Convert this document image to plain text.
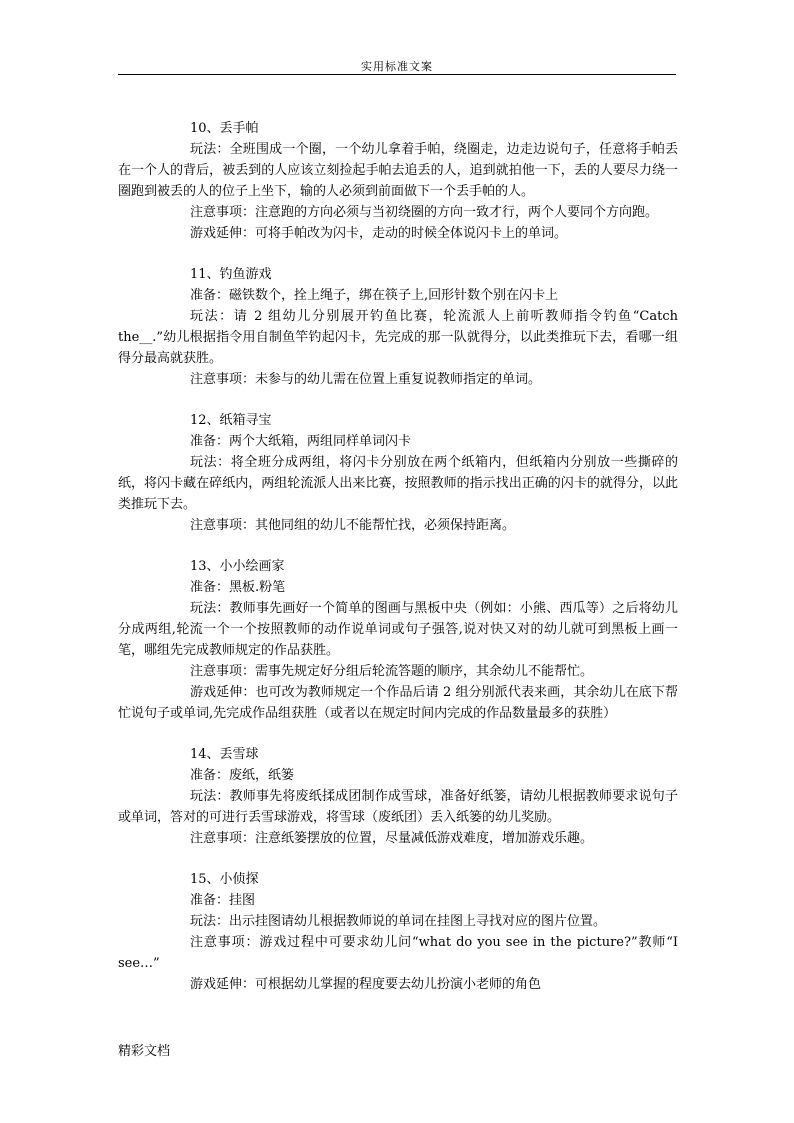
实用标准文案
10、丢手帕
玩法：全班围成一个圈，一个幼儿拿着手帕，绕圈走，边走边说句子，任意将手帕丢在一个人的背后，被丢到的人应该立刻捡起手帕去追丢的人，追到就拍他一下，丢的人要尽力绕一圈跑到被丢的人的位子上坐下，输的人必须到前面做下一个丢手帕的人。
注意事项：注意跑的方向必须与当初绕圈的方向一致才行，两个人要同个方向跑。
游戏延伸：可将手帕改为闪卡，走动的时候全体说闪卡上的单词。
11、钓鱼游戏
准备：磁铁数个，拴上绳子，绑在筷子上,回形针数个别在闪卡上
玩法：请 2 组幼儿分别展开钓鱼比赛，轮流派人上前听教师指令钓鱼“Catch the__.”幼儿根据指令用自制鱼竿钓起闪卡，先完成的那一队就得分，以此类推玩下去，看哪一组得分最高就获胜。
注意事项：未参与的幼儿需在位置上重复说教师指定的单词。
12、纸箱寻宝
准备：两个大纸箱，两组同样单词闪卡
玩法：将全班分成两组，将闪卡分别放在两个纸箱内，但纸箱内分别放一些撕碎的纸，将闪卡藏在碎纸内，两组轮流派人出来比赛，按照教师的指示找出正确的闪卡的就得分，以此类推玩下去。
注意事项：其他同组的幼儿不能帮忙找，必须保持距离。
13、小小绘画家
准备：黑板.粉笔
玩法：教师事先画好一个简单的图画与黑板中央（例如：小熊、西瓜等）之后将幼儿分成两组,轮流一个一个按照教师的动作说单词或句子强答,说对快又对的幼儿就可到黑板上画一笔，哪组先完成教师规定的作品获胜。
注意事项：需事先规定好分组后轮流答题的顺序，其余幼儿不能帮忙。
游戏延伸：也可改为教师规定一个作品后请 2 组分别派代表来画，其余幼儿在底下帮忙说句子或单词,先完成作品组获胜（或者以在规定时间内完成的作品数量最多的获胜）
14、丢雪球
准备：废纸，纸篓
玩法：教师事先将废纸揉成团制作成雪球，准备好纸篓，请幼儿根据教师要求说句子或单词，答对的可进行丢雪球游戏，将雪球（废纸团）丢入纸篓的幼儿奖励。
注意事项：注意纸篓摆放的位置，尽量减低游戏难度，增加游戏乐趣。
15、小侦探
准备：挂图
玩法：出示挂图请幼儿根据教师说的单词在挂图上寻找对应的图片位置。
注意事项：游戏过程中可要求幼儿问“what do you see in the picture?”教师“I see…”
游戏延伸：可根据幼儿掌握的程度要去幼儿扮演小老师的角色
精彩文档
